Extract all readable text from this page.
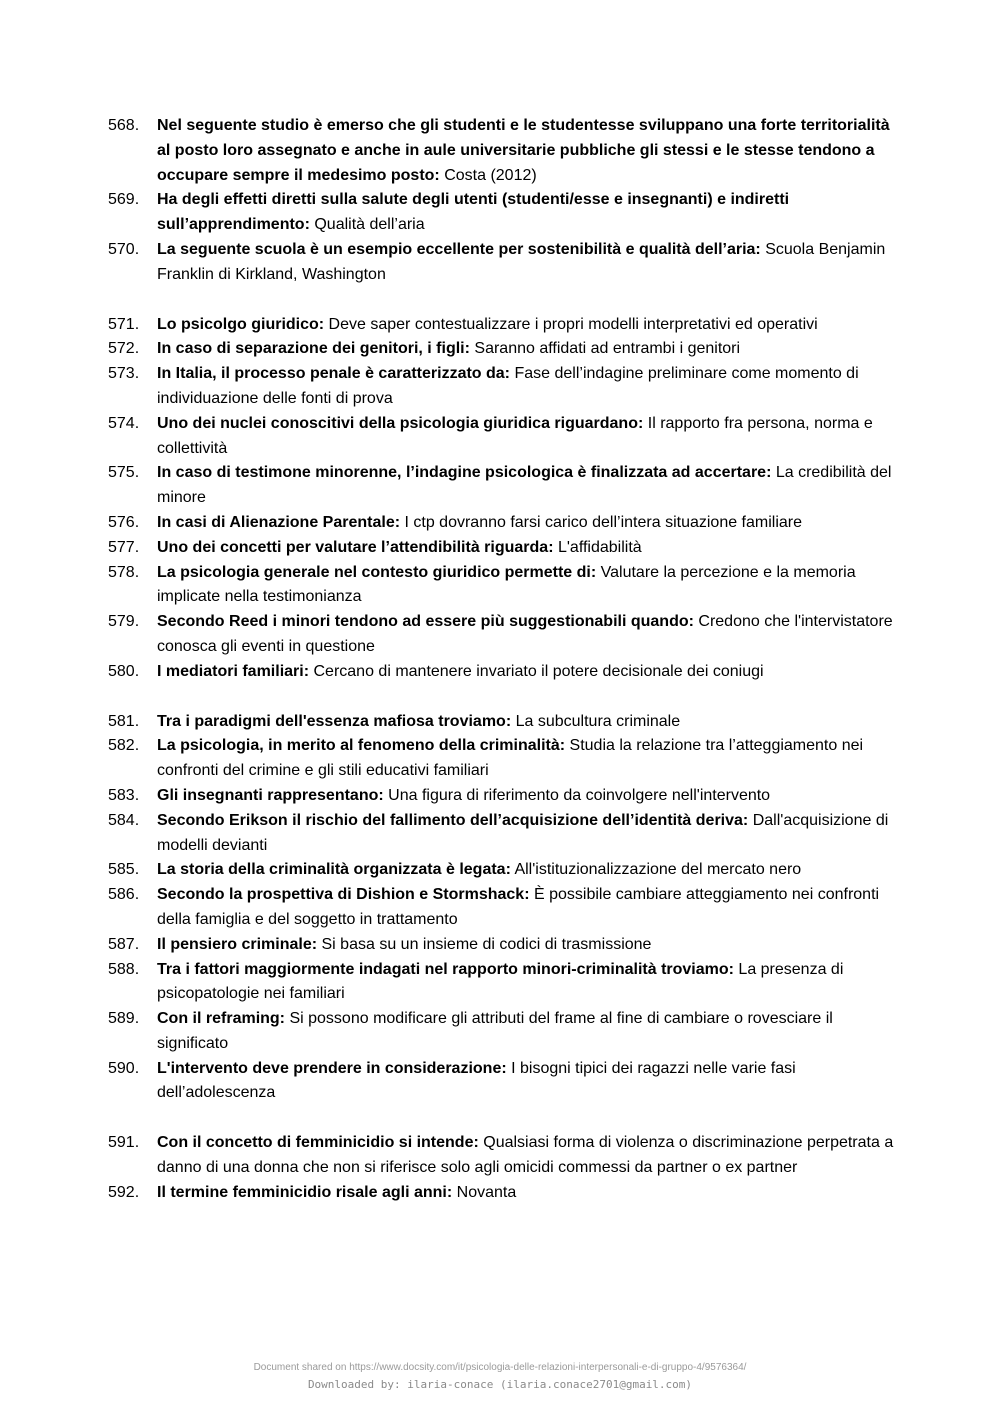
568.	Nel seguente studio è emerso che gli studenti e le studentesse sviluppano una forte territorialità al posto loro assegnato e anche in aule universitarie pubbliche gli stessi e le stesse tendono a occupare sempre il medesimo posto: Costa (2012)
569.	Ha degli effetti diretti sulla salute degli utenti (studenti/esse e insegnanti) e indiretti sull’apprendimento: Qualità dell’aria
570.	La seguente scuola è un esempio eccellente per sostenibilità e qualità dell’aria: Scuola Benjamin Franklin di Kirkland, Washington
571.	Lo psicolgo giuridico: Deve saper contestualizzare i propri modelli interpretativi ed operativi
572.	In caso di separazione dei genitori, i figli: Saranno affidati ad entrambi i genitori
573.	In Italia, il processo penale è caratterizzato da: Fase dell’indagine preliminare come momento di individuazione delle fonti di prova
574.	Uno dei nuclei conoscitivi della psicologia giuridica riguardano: Il rapporto fra persona, norma e collettività
575.	In caso di testimone minorenne, l’indagine psicologica è finalizzata ad accertare: La credibilità del minore
576.	In casi di Alienazione Parentale: I ctp dovranno farsi carico dell’intera situazione familiare
577.	Uno dei concetti per valutare l’attendibilità riguarda: L'affidabilità
578.	La psicologia generale nel contesto giuridico permette di: Valutare la percezione e la memoria implicate nella testimonianza
579.	Secondo Reed i minori tendono ad essere più suggestionabili quando: Credono che l'intervistatore conosca gli eventi in questione
580.	I mediatori familiari: Cercano di mantenere invariato il potere decisionale dei coniugi
581.	Tra i paradigmi dell'essenza mafiosa troviamo: La subcultura criminale
582.	La psicologia, in merito al fenomeno della criminalità: Studia la relazione tra l’atteggiamento nei confronti del crimine e gli stili educativi familiari
583.	Gli insegnanti rappresentano: Una figura di riferimento da coinvolgere nell'intervento
584.	Secondo Erikson il rischio del fallimento dell’acquisizione dell’identità deriva: Dall'acquisizione di modelli devianti
585.	La storia della criminalità organizzata è legata: All'istituzionalizzazione del mercato nero
586.	Secondo la prospettiva di Dishion e Stormshack: È possibile cambiare atteggiamento nei confronti della famiglia e del soggetto in trattamento
587.	Il pensiero criminale: Si basa su un insieme di codici di trasmissione
588.	Tra i fattori maggiormente indagati nel rapporto minori-criminalità troviamo: La presenza di psicopatologie nei familiari
589.	Con il reframing: Si possono modificare gli attributi del frame al fine di cambiare o rovesciare il significato
590.	L'intervento deve prendere in considerazione: I bisogni tipici dei ragazzi nelle varie fasi dell’adolescenza
591.	Con il concetto di femminicidio si intende: Qualsiasi forma di violenza o discriminazione perpetrata a danno di una donna che non si riferisce solo agli omicidi commessi da partner o ex partner
592.	Il termine femminicidio risale agli anni: Novanta
Document shared on https://www.docsity.com/it/psicologia-delle-relazioni-interpersonali-e-di-gruppo-4/9576364/
Downloaded by: ilaria-conace (ilaria.conace2701@gmail.com)
